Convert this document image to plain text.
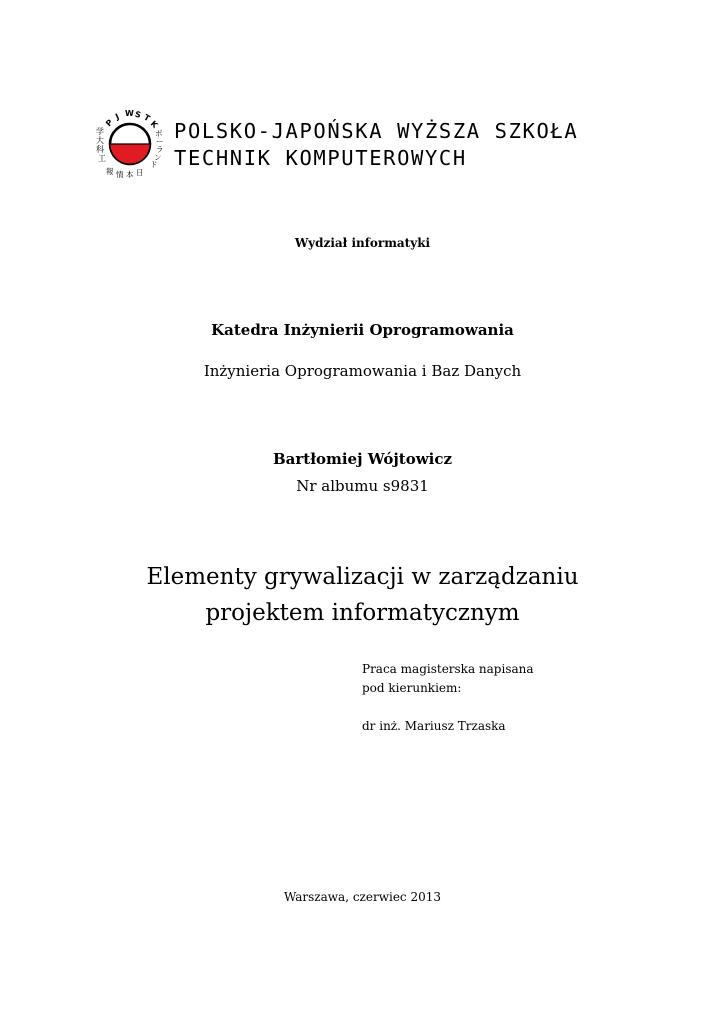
P
J W S T
K
学
大
科
工
ポ
ー
ラ
ン
ド
報 情 本 日
POLSKO-JAPOŃSKA WYŻSZA SZKOŁA
TECHNIK KOMPUTEROWYCH
Wydział informatyki
Katedra Inżynierii Oprogramowania
Inżynieria Oprogramowania i Baz Danych
Bartłomiej Wójtowicz
Nr albumu s9831
Elementy grywalizacji w zarządzaniu
projektem informatycznym
Praca magisterska napisana
pod kierunkiem:
dr inż. Mariusz Trzaska
Warszawa, czerwiec 2013
